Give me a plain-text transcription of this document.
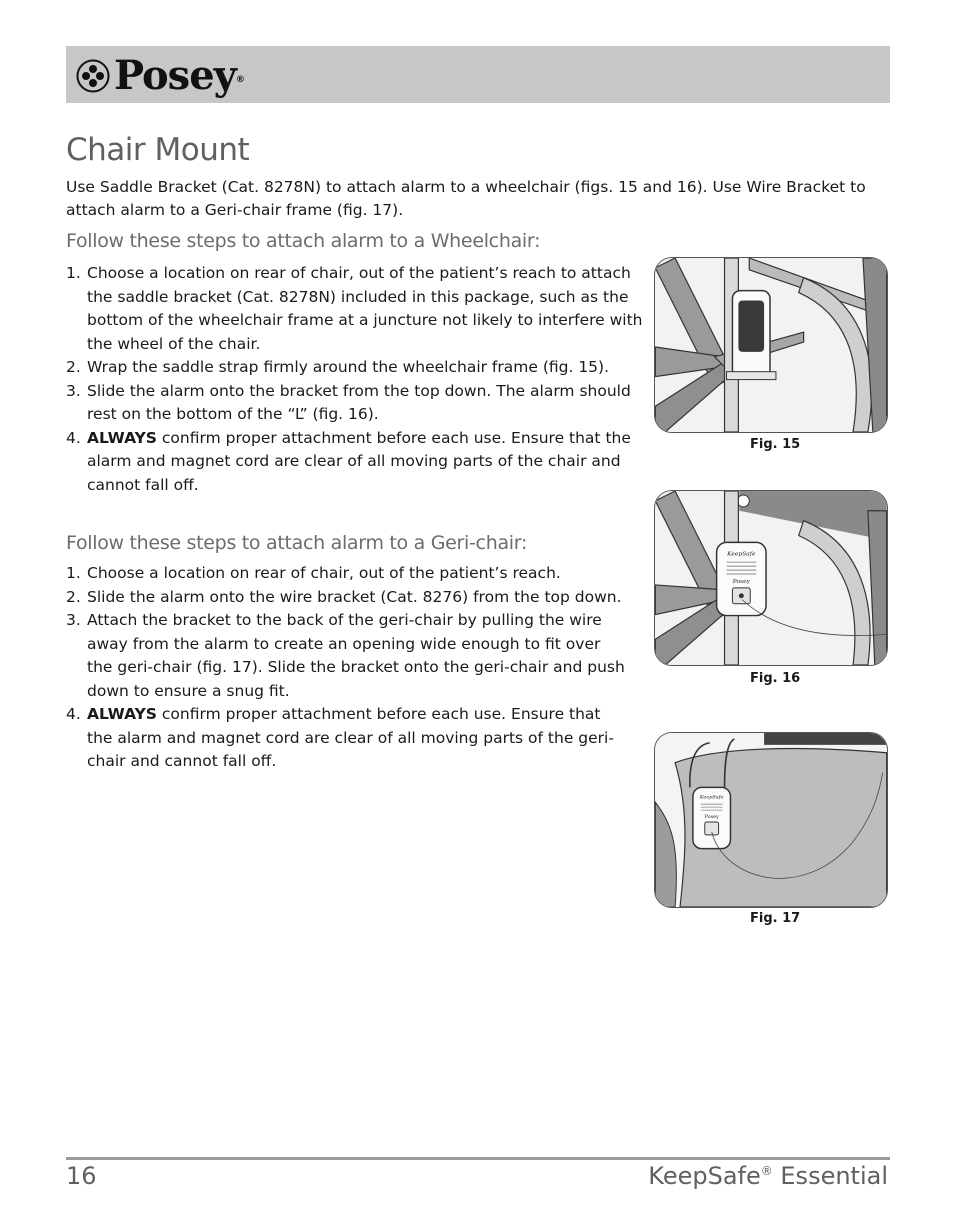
Posey®
Chair Mount

Use Saddle Bracket (Cat. 8278N) to attach alarm to a wheelchair (figs. 15 and 16). Use Wire Bracket to attach alarm to a Geri-chair frame (fig. 17).

Follow these steps to attach alarm to a Wheelchair:
1. Choose a location on rear of chair, out of the patient’s reach to attach the saddle bracket (Cat. 8278N) included in this package, such as the bottom of the wheelchair frame at a juncture not likely to interfere with the wheel of the chair.
2. Wrap the saddle strap firmly around the wheelchair frame (fig. 15).
3. Slide the alarm onto the bracket from the top down. The alarm should rest on the bottom of the “L” (fig. 16).
4. ALWAYS confirm proper attachment before each use. Ensure that the alarm and magnet cord are clear of all moving parts of the chair and cannot fall off.
Follow these steps to attach alarm to a Geri-chair:
1. Choose a location on rear of chair, out of the patient’s reach.
2. Slide the alarm onto the wire bracket (Cat. 8276) from the top down.
3. Attach the bracket to the back of the geri-chair by pulling the wire away from the alarm to create an opening wide enough to fit over the geri-chair (fig. 17). Slide the bracket onto the geri-chair and push down to ensure a snug fit.
4. ALWAYS confirm proper attachment before each use. Ensure that the alarm and magnet cord are clear of all moving parts of the geri-chair and cannot fall off.

Fig. 15

KeepSafe
Posey

Fig. 16

KeepSafe
Posey

Fig. 17

16	KeepSafe® Essential
